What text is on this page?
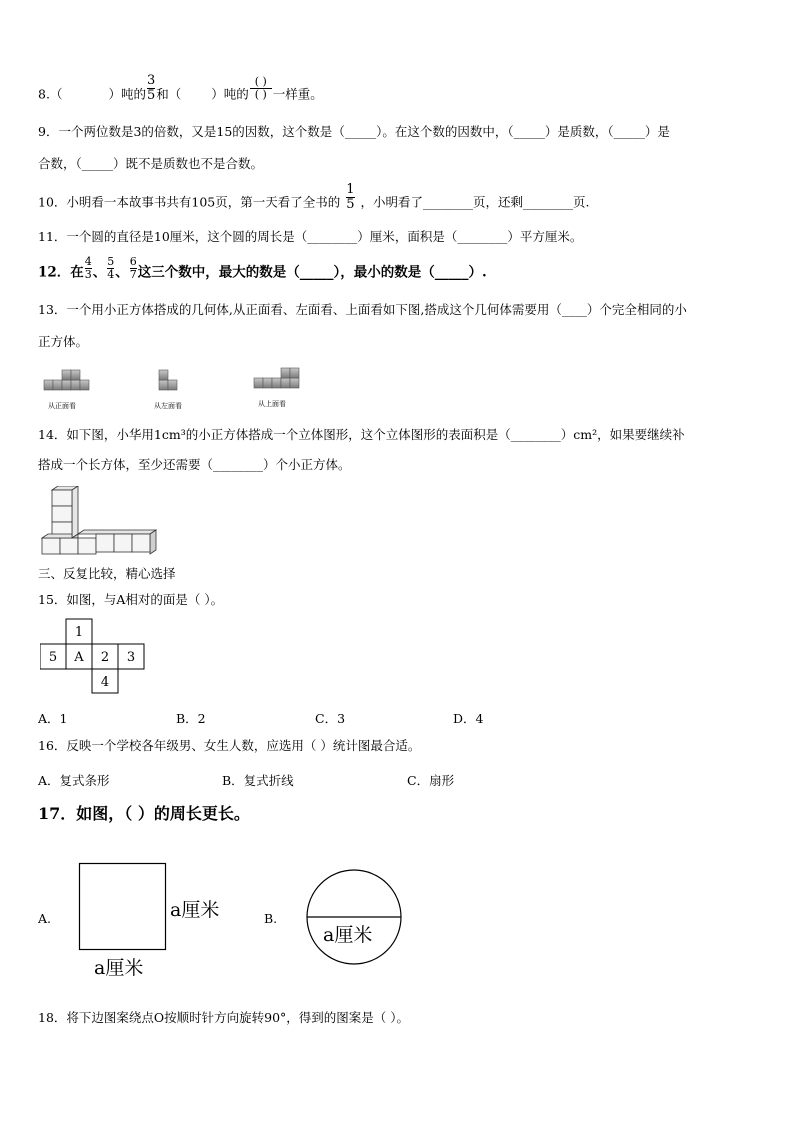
8.（	）吨的 $\frac{3}{5}$ 和（ ）吨的 $\frac{( )}{( )}$ 一样重。
9．一个两位数是3的倍数，又是15的因数，这个数是（_____）。在这个数的因数中，（_____）是质数，（_____）是
合数，（_____）既不是质数也不是合数。
10．小明看一本故事书共有105页，第一天看了全书的 $\frac{1}{5}$ ，小明看了________页，还剩________页.
11．一个圆的直径是10厘米，这个圆的周长是（________）厘米，面积是（________）平方厘米。
12．在 $\frac{4}{3}$ 、 $\frac{5}{4}$ 、 $\frac{6}{7}$ 这三个数中，最大的数是（_____），最小的数是（_____）.
13．一个用小正方体搭成的几何体,从正面看、左面看、上面看如下图,搭成这个几何体需要用（____）个完全相同的小
正方体。
从正面看	从左面看	从上面看
14．如下图，小华用1cm³的小正方体搭成一个立体图形，这个立体图形的表面积是（________）cm²，如果要继续补
搭成一个长方体，至少还需要（________）个小正方体。
三、反复比较，精心选择
15．如图，与A相对的面是（ ）。
1
5 A 2 3
4
A．1	B．2	C．3	D．4
16．反映一个学校各年级男、女生人数，应选用（ ）统计图最合适。
A．复式条形	B．复式折线	C．扇形
17．如图，（ ）的周长更长。
A.	a厘米
a厘米
B.
a厘米
18．将下边图案绕点O按顺时针方向旋转90°，得到的图案是（ ）。
